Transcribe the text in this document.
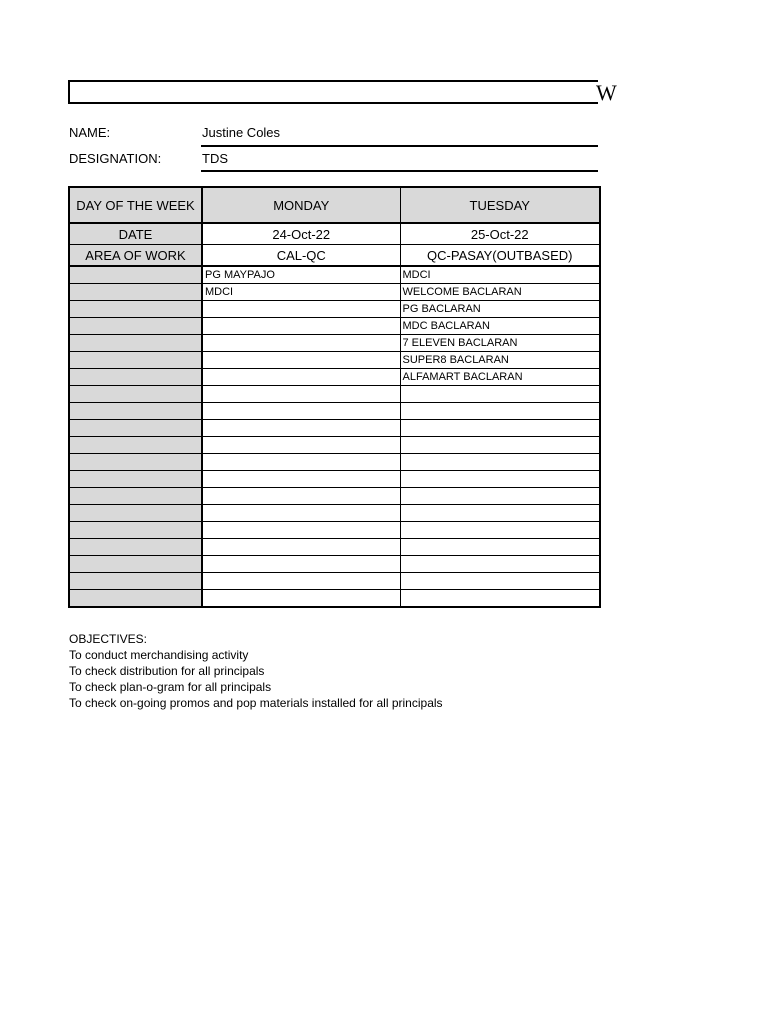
W
NAME:	Justine Coles
DESIGNATION:	TDS
DAY OF THE WEEK	MONDAY	TUESDAY
DATE	24-Oct-22	25-Oct-22
AREA OF WORK	CAL-QC	QC-PASAY(OUTBASED)
	PG MAYPAJO	MDCI
	MDCI	WELCOME BACLARAN
		PG BACLARAN
		MDC BACLARAN
		7 ELEVEN BACLARAN
		SUPER8 BACLARAN
		ALFAMART BACLARAN

OBJECTIVES:
To conduct merchandising activity
To check distribution for all principals
To check plan-o-gram for all principals
To check on-going promos and pop materials installed for all principals
